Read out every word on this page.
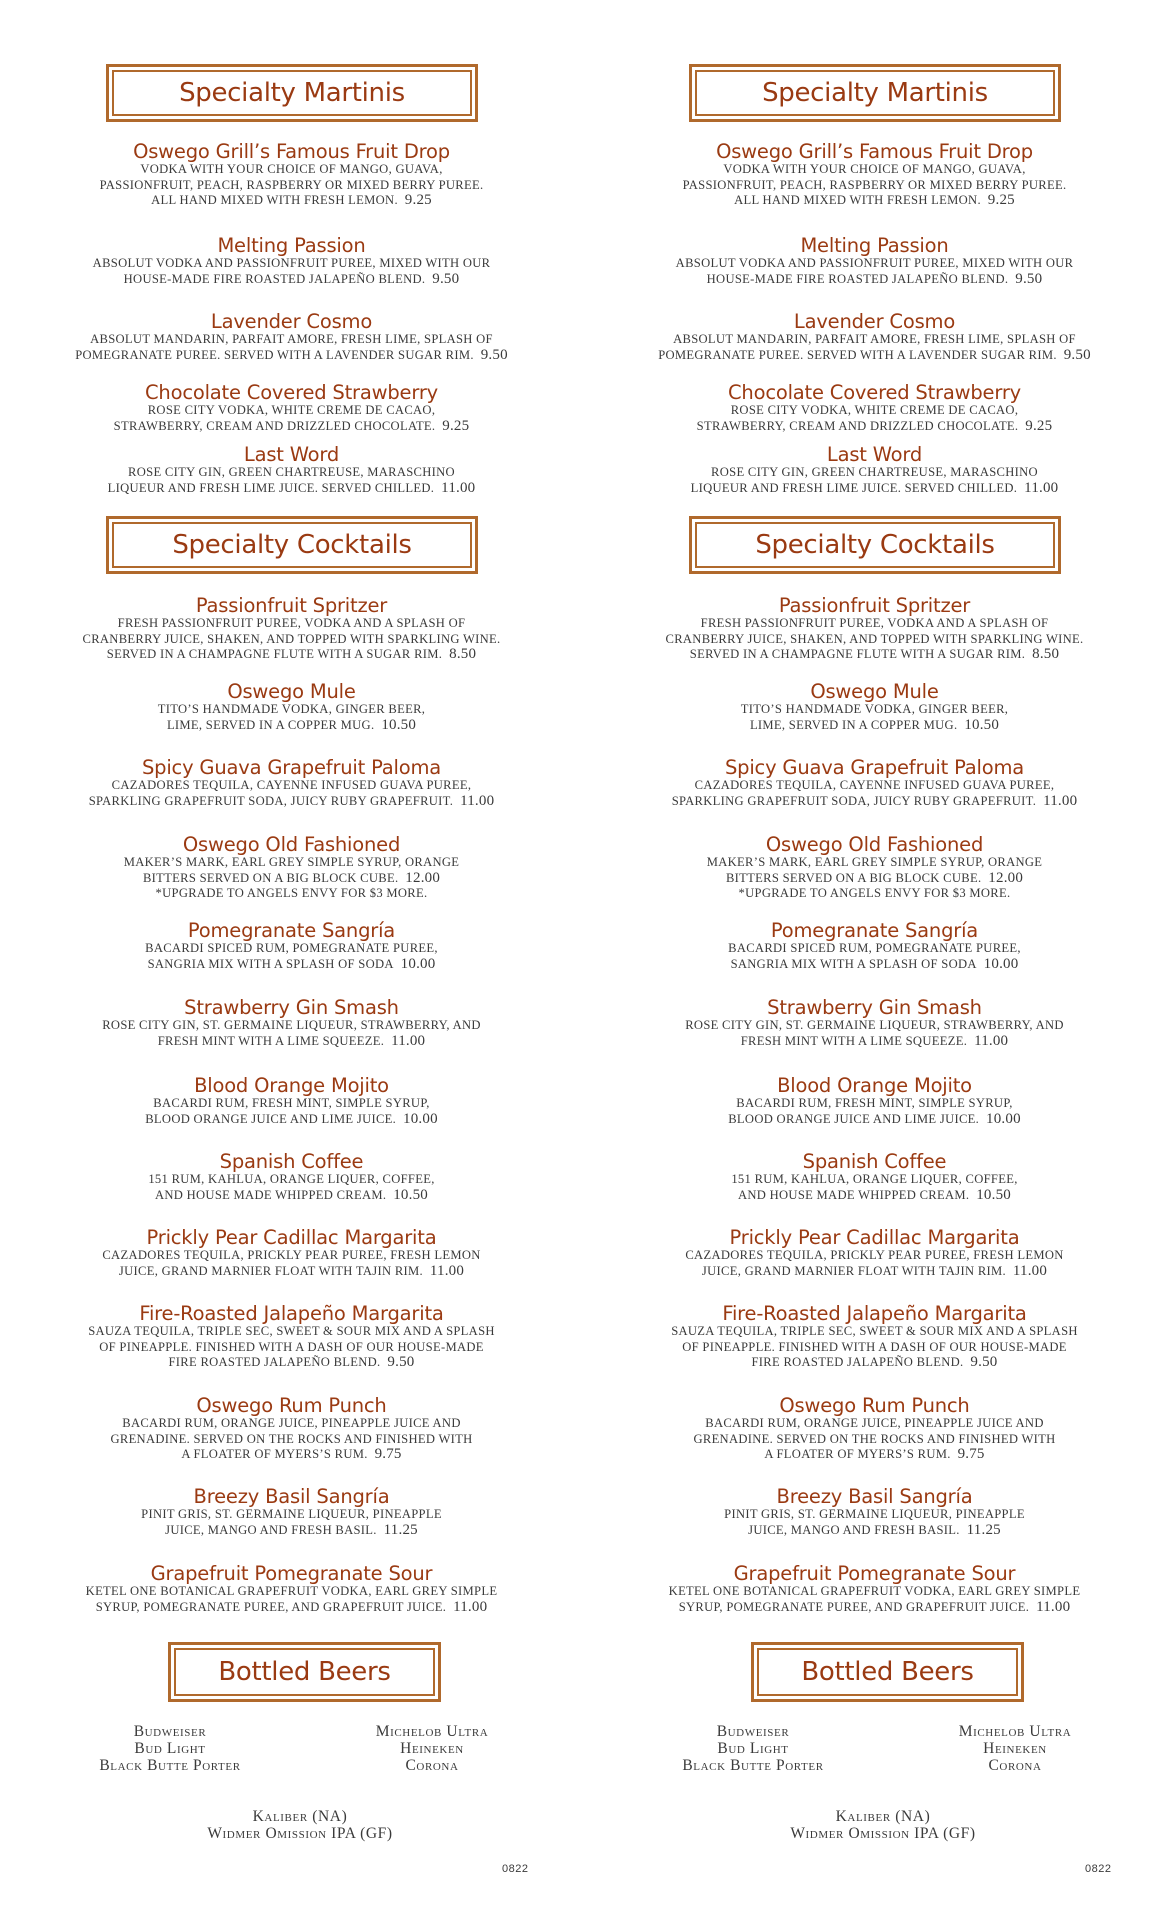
Specialty Martinis
Oswego Grill’s Famous Fruit Drop
VODKA WITH YOUR CHOICE OF MANGO, GUAVA,
PASSIONFRUIT, PEACH, RASPBERRY OR MIXED BERRY PUREE.
ALL HAND MIXED WITH FRESH LEMON. 9.25
Melting Passion
ABSOLUT VODKA AND PASSIONFRUIT PUREE, MIXED WITH OUR
HOUSE-MADE FIRE ROASTED JALAPEÑO BLEND. 9.50
Lavender Cosmo
ABSOLUT MANDARIN, PARFAIT AMORE, FRESH LIME, SPLASH OF
POMEGRANATE PUREE. SERVED WITH A LAVENDER SUGAR RIM. 9.50
Chocolate Covered Strawberry
ROSE CITY VODKA, WHITE CREME DE CACAO,
STRAWBERRY, CREAM AND DRIZZLED CHOCOLATE. 9.25
Last Word
ROSE CITY GIN, GREEN CHARTREUSE, MARASCHINO
LIQUEUR AND FRESH LIME JUICE. SERVED CHILLED. 11.00
Specialty Cocktails
Passionfruit Spritzer
FRESH PASSIONFRUIT PUREE, VODKA AND A SPLASH OF
CRANBERRY JUICE, SHAKEN, AND TOPPED WITH SPARKLING WINE.
SERVED IN A CHAMPAGNE FLUTE WITH A SUGAR RIM. 8.50
Oswego Mule
TITO’S HANDMADE VODKA, GINGER BEER,
LIME, SERVED IN A COPPER MUG. 10.50
Spicy Guava Grapefruit Paloma
CAZADORES TEQUILA, CAYENNE INFUSED GUAVA PUREE,
SPARKLING GRAPEFRUIT SODA, JUICY RUBY GRAPEFRUIT. 11.00
Oswego Old Fashioned
MAKER’S MARK, EARL GREY SIMPLE SYRUP, ORANGE
BITTERS SERVED ON A BIG BLOCK CUBE. 12.00
*UPGRADE TO ANGELS ENVY FOR $3 MORE.
Pomegranate Sangría
BACARDI SPICED RUM, POMEGRANATE PUREE,
SANGRIA MIX WITH A SPLASH OF SODA 10.00
Strawberry Gin Smash
ROSE CITY GIN, ST. GERMAINE LIQUEUR, STRAWBERRY, AND
FRESH MINT WITH A LIME SQUEEZE. 11.00
Blood Orange Mojito
BACARDI RUM, FRESH MINT, SIMPLE SYRUP,
BLOOD ORANGE JUICE AND LIME JUICE. 10.00
Spanish Coffee
151 RUM, KAHLUA, ORANGE LIQUER, COFFEE,
AND HOUSE MADE WHIPPED CREAM. 10.50
Prickly Pear Cadillac Margarita
CAZADORES TEQUILA, PRICKLY PEAR PUREE, FRESH LEMON
JUICE, GRAND MARNIER FLOAT WITH TAJIN RIM. 11.00
Fire-Roasted Jalapeño Margarita
SAUZA TEQUILA, TRIPLE SEC, SWEET & SOUR MIX AND A SPLASH
OF PINEAPPLE. FINISHED WITH A DASH OF OUR HOUSE-MADE
FIRE ROASTED JALAPEÑO BLEND. 9.50
Oswego Rum Punch
BACARDI RUM, ORANGE JUICE, PINEAPPLE JUICE AND
GRENADINE. SERVED ON THE ROCKS AND FINISHED WITH
A FLOATER OF MYERS’S RUM. 9.75
Breezy Basil Sangría
PINIT GRIS, ST. GERMAINE LIQUEUR, PINEAPPLE
JUICE, MANGO AND FRESH BASIL. 11.25
Grapefruit Pomegranate Sour
KETEL ONE BOTANICAL GRAPEFRUIT VODKA, EARL GREY SIMPLE
SYRUP, POMEGRANATE PUREE, AND GRAPEFRUIT JUICE. 11.00
Bottled Beers
Budweiser
Bud Light
Black Butte Porter
Michelob Ultra
Heineken
Corona
Kaliber (NA)
Widmer Omission IPA (GF)
0822
Specialty Martinis
Oswego Grill’s Famous Fruit Drop
VODKA WITH YOUR CHOICE OF MANGO, GUAVA,
PASSIONFRUIT, PEACH, RASPBERRY OR MIXED BERRY PUREE.
ALL HAND MIXED WITH FRESH LEMON. 9.25
Melting Passion
ABSOLUT VODKA AND PASSIONFRUIT PUREE, MIXED WITH OUR
HOUSE-MADE FIRE ROASTED JALAPEÑO BLEND. 9.50
Lavender Cosmo
ABSOLUT MANDARIN, PARFAIT AMORE, FRESH LIME, SPLASH OF
POMEGRANATE PUREE. SERVED WITH A LAVENDER SUGAR RIM. 9.50
Chocolate Covered Strawberry
ROSE CITY VODKA, WHITE CREME DE CACAO,
STRAWBERRY, CREAM AND DRIZZLED CHOCOLATE. 9.25
Last Word
ROSE CITY GIN, GREEN CHARTREUSE, MARASCHINO
LIQUEUR AND FRESH LIME JUICE. SERVED CHILLED. 11.00
Specialty Cocktails
Passionfruit Spritzer
FRESH PASSIONFRUIT PUREE, VODKA AND A SPLASH OF
CRANBERRY JUICE, SHAKEN, AND TOPPED WITH SPARKLING WINE.
SERVED IN A CHAMPAGNE FLUTE WITH A SUGAR RIM. 8.50
Oswego Mule
TITO’S HANDMADE VODKA, GINGER BEER,
LIME, SERVED IN A COPPER MUG. 10.50
Spicy Guava Grapefruit Paloma
CAZADORES TEQUILA, CAYENNE INFUSED GUAVA PUREE,
SPARKLING GRAPEFRUIT SODA, JUICY RUBY GRAPEFRUIT. 11.00
Oswego Old Fashioned
MAKER’S MARK, EARL GREY SIMPLE SYRUP, ORANGE
BITTERS SERVED ON A BIG BLOCK CUBE. 12.00
*UPGRADE TO ANGELS ENVY FOR $3 MORE.
Pomegranate Sangría
BACARDI SPICED RUM, POMEGRANATE PUREE,
SANGRIA MIX WITH A SPLASH OF SODA 10.00
Strawberry Gin Smash
ROSE CITY GIN, ST. GERMAINE LIQUEUR, STRAWBERRY, AND
FRESH MINT WITH A LIME SQUEEZE. 11.00
Blood Orange Mojito
BACARDI RUM, FRESH MINT, SIMPLE SYRUP,
BLOOD ORANGE JUICE AND LIME JUICE. 10.00
Spanish Coffee
151 RUM, KAHLUA, ORANGE LIQUER, COFFEE,
AND HOUSE MADE WHIPPED CREAM. 10.50
Prickly Pear Cadillac Margarita
CAZADORES TEQUILA, PRICKLY PEAR PUREE, FRESH LEMON
JUICE, GRAND MARNIER FLOAT WITH TAJIN RIM. 11.00
Fire-Roasted Jalapeño Margarita
SAUZA TEQUILA, TRIPLE SEC, SWEET & SOUR MIX AND A SPLASH
OF PINEAPPLE. FINISHED WITH A DASH OF OUR HOUSE-MADE
FIRE ROASTED JALAPEÑO BLEND. 9.50
Oswego Rum Punch
BACARDI RUM, ORANGE JUICE, PINEAPPLE JUICE AND
GRENADINE. SERVED ON THE ROCKS AND FINISHED WITH
A FLOATER OF MYERS’S RUM. 9.75
Breezy Basil Sangría
PINIT GRIS, ST. GERMAINE LIQUEUR, PINEAPPLE
JUICE, MANGO AND FRESH BASIL. 11.25
Grapefruit Pomegranate Sour
KETEL ONE BOTANICAL GRAPEFRUIT VODKA, EARL GREY SIMPLE
SYRUP, POMEGRANATE PUREE, AND GRAPEFRUIT JUICE. 11.00
Bottled Beers
Budweiser
Bud Light
Black Butte Porter
Michelob Ultra
Heineken
Corona
Kaliber (NA)
Widmer Omission IPA (GF)
0822
